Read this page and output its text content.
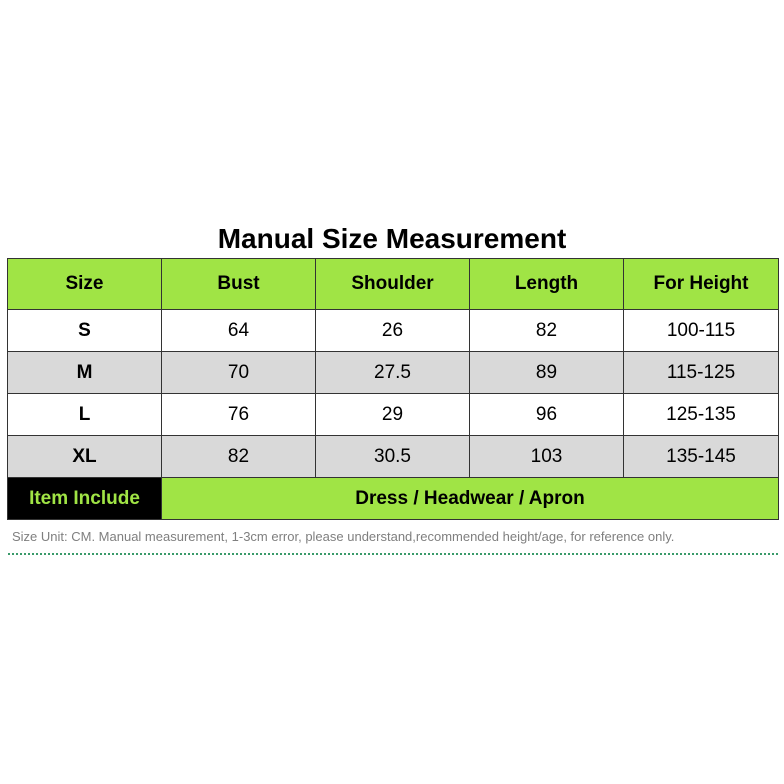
Manual Size Measurement
Size	Bust	Shoulder	Length	For Height
S	64	26	82	100-115
M	70	27.5	89	115-125
L	76	29	96	125-135
XL	82	30.5	103	135-145
Item Include	Dress / Headwear / Apron			
Size Unit: CM. Manual measurement, 1-3cm error, please understand,recommended height/age, for reference only.
